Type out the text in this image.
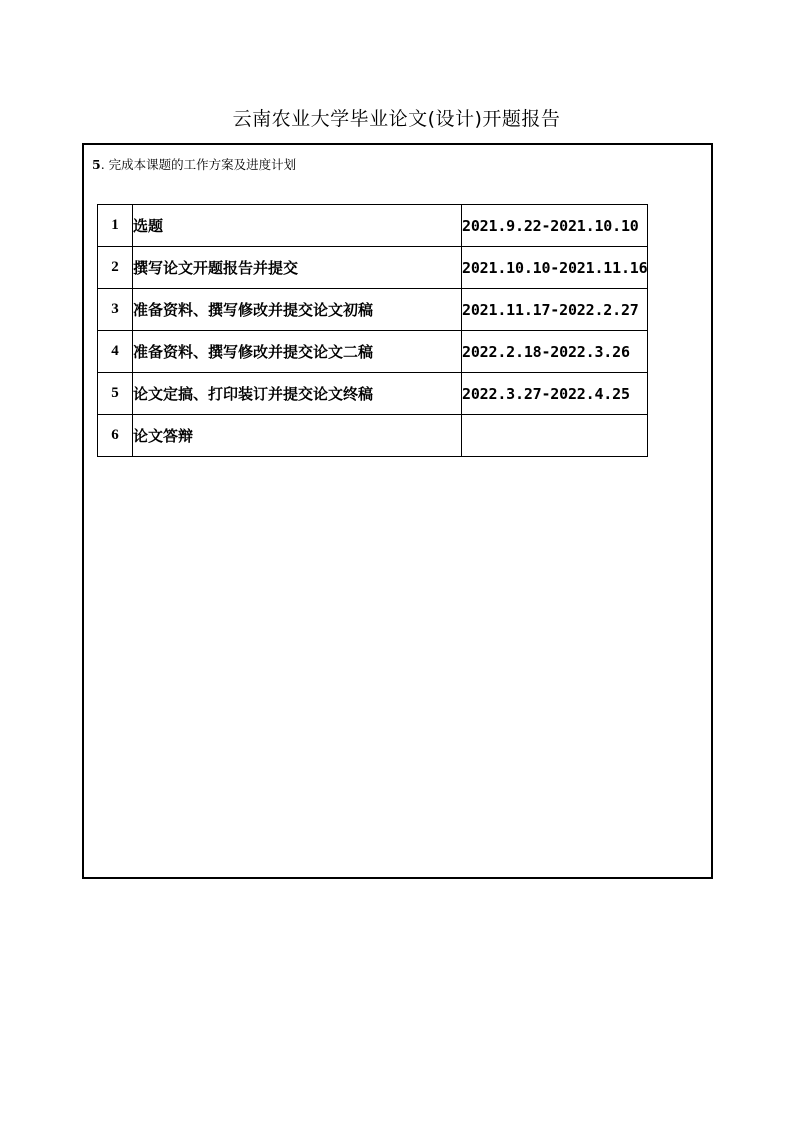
云南农业大学毕业论文(设计)开题报告
5. 完成本课题的工作方案及进度计划
1	选题	2021.9.22-2021.10.10
2	撰写论文开题报告并提交	2021.10.10-2021.11.16
3	准备资料、撰写修改并提交论文初稿	2021.11.17-2022.2.27
4	准备资料、撰写修改并提交论文二稿	2022.2.18-2022.3.26
5	论文定搞、打印装订并提交论文终稿	2022.3.27-2022.4.25
6	论文答辩	
